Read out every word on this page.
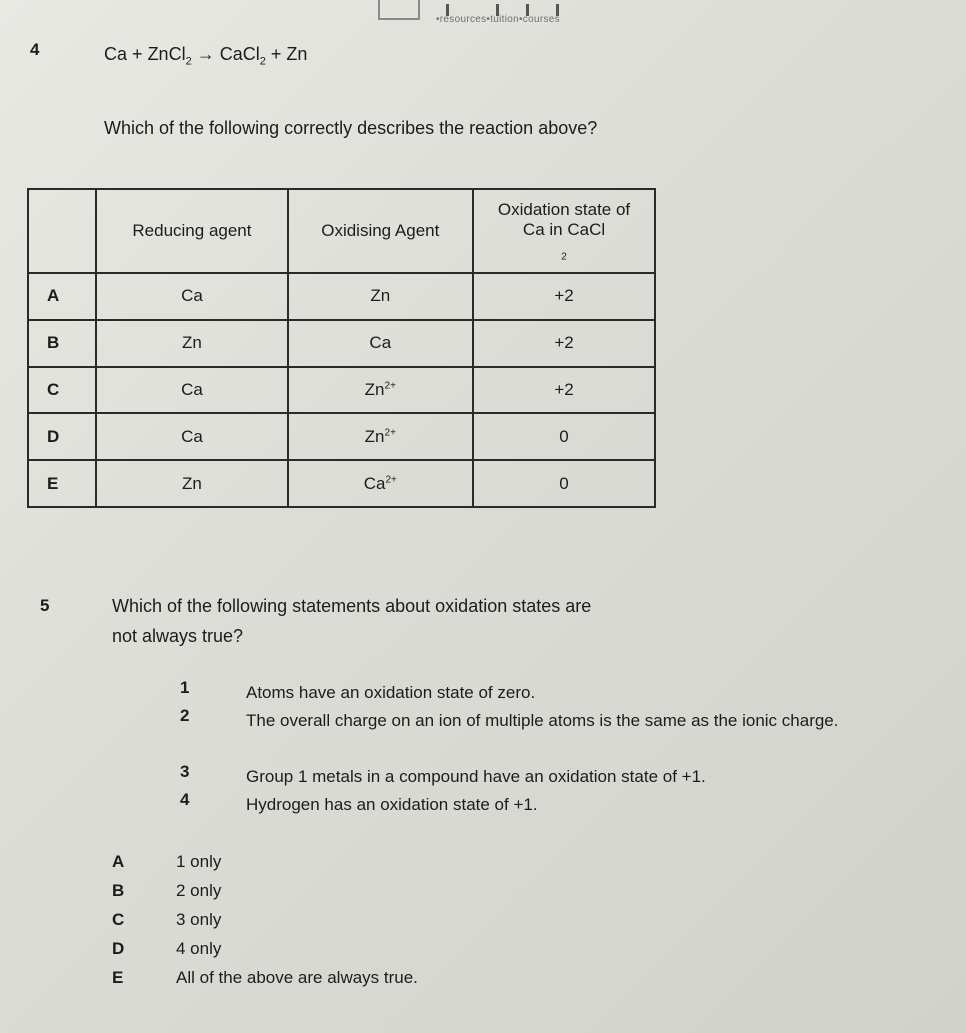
•resources•tuition•courses
4	Ca + ZnCl$_2$ → CaCl$_2$ + Zn
Which of the following correctly describes the reaction above?
	Reducing agent	Oxidising Agent	Oxidation state of
Ca in CaCl
$_2$

A	Ca	Zn	+2
B	Zn	Ca	+2
C	Ca	$Zn^{2+}$	+2
D	Ca	$Zn^{2+}$	0
E	Zn	$Ca^{2+}$	0
5	Which of the following statements about oxidation states are
not always true?
1	Atoms have an oxidation state of zero.
2	The overall charge on an ion of multiple atoms is the same as the ionic charge.
3	Group 1 metals in a compound have an oxidation state of +1.
4	Hydrogen has an oxidation state of +1.
A	1 only
B	2 only
C	3 only
D	4 only
E	All of the above are always true.
